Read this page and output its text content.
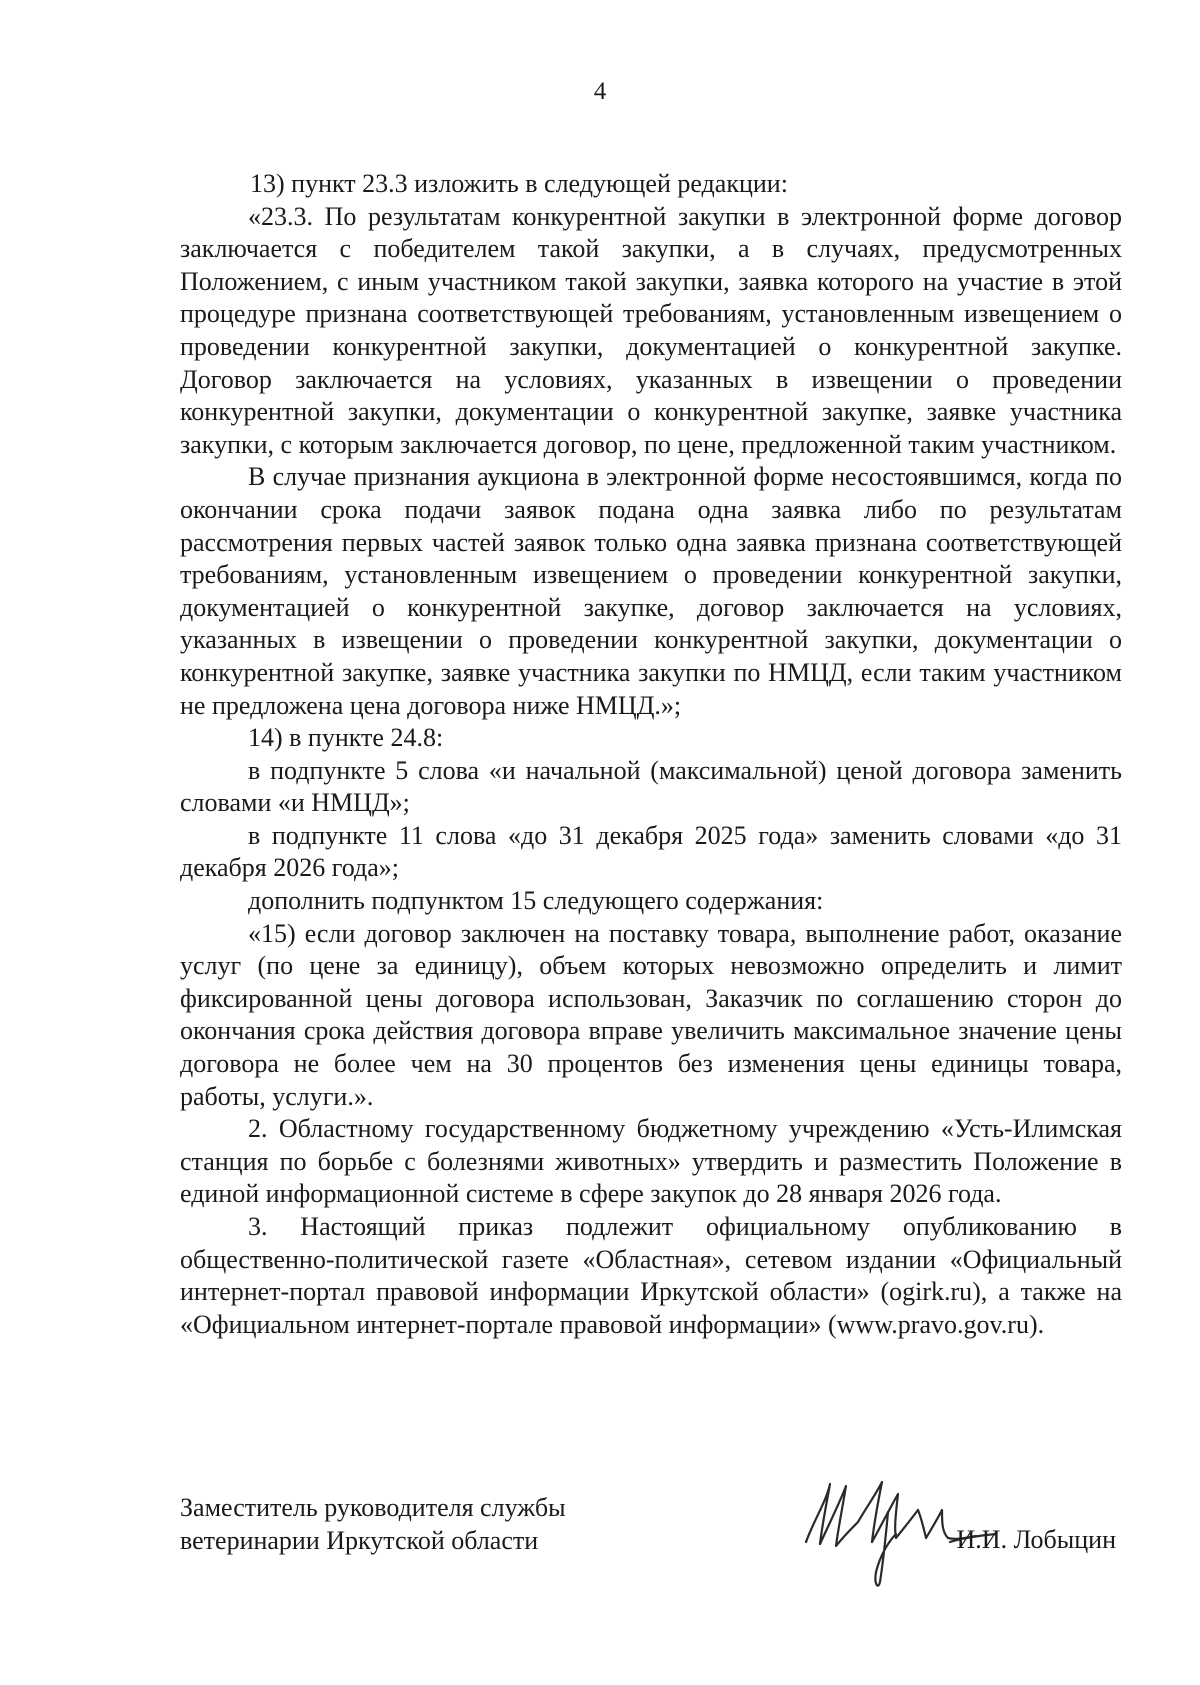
4

13) пункт 23.3 изложить в следующей редакции:

«23.3. По результатам конкурентной закупки в электронной форме договор заключается с победителем такой закупки, а в случаях, предусмотренных Положением, с иным участником такой закупки, заявка которого на участие в этой процедуре признана соответствующей требованиям, установленным извещением о проведении конкурентной закупки, документацией о конкурентной закупке. Договор заключается на условиях, указанных в извещении о проведении конкурентной закупки, документации о конкурентной закупке, заявке участника закупки, с которым заключается договор, по цене, предложенной таким участником.

В случае признания аукциона в электронной форме несостоявшимся, когда по окончании срока подачи заявок подана одна заявка либо по результатам рассмотрения первых частей заявок только одна заявка признана соответствующей требованиям, установленным извещением о проведении конкурентной закупки, документацией о конкурентной закупке, договор заключается на условиях, указанных в извещении о проведении конкурентной закупки, документации о конкурентной закупке, заявке участника закупки по НМЦД, если таким участником не предложена цена договора ниже НМЦД.»;

14) в пункте 24.8:

в подпункте 5 слова «и начальной (максимальной) ценой договора заменить словами «и НМЦД»;

в подпункте 11 слова «до 31 декабря 2025 года» заменить словами «до 31 декабря 2026 года»;

дополнить подпунктом 15 следующего содержания:

«15) если договор заключен на поставку товара, выполнение работ, оказание услуг (по цене за единицу), объем которых невозможно определить и лимит фиксированной цены договора использован, Заказчик по соглашению сторон до окончания срока действия договора вправе увеличить максимальное значение цены договора не более чем на 30 процентов без изменения цены единицы товара, работы, услуги.».

2. Областному государственному бюджетному учреждению «Усть-Илимская станция по борьбе с болезнями животных» утвердить и разместить Положение в единой информационной системе в сфере закупок до 28 января 2026 года.

3. Настоящий приказ подлежит официальному опубликованию в общественно-политической газете «Областная», сетевом издании «Официальный интернет-портал правовой информации Иркутской области» (ogirk.ru), а также на «Официальном интернет-портале правовой информации» (www.pravo.gov.ru).

Заместитель руководителя службы
ветеринарии Иркутской области	И.И. Лобыцин
